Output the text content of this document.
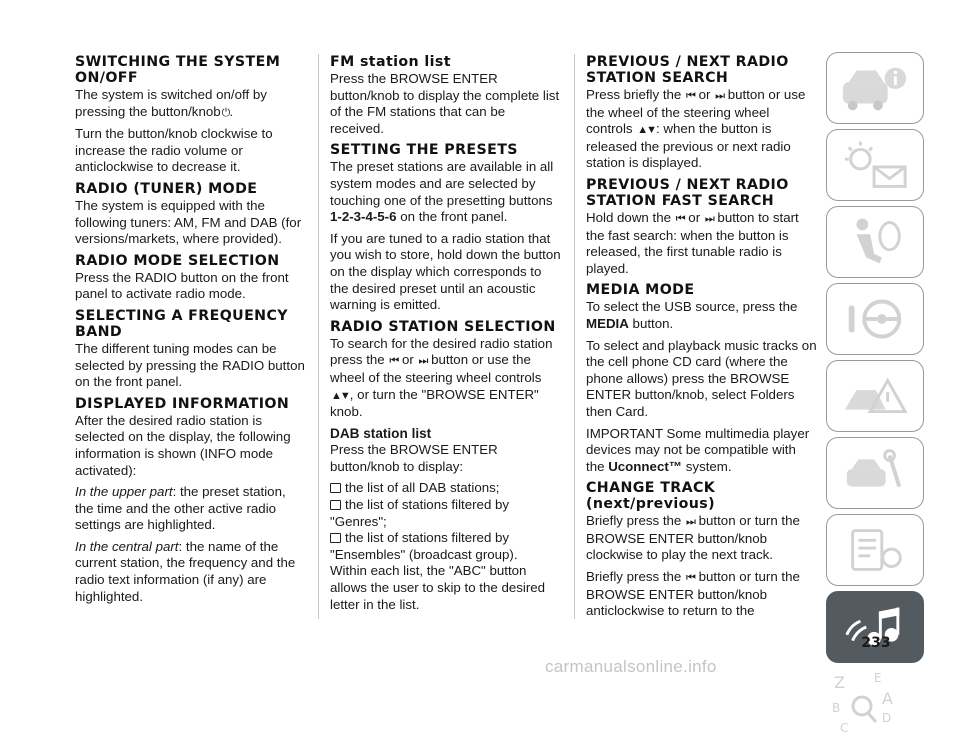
SWITCHING THE SYSTEM ON/OFF

The system is switched on/off by pressing the button/knob⏻.

Turn the button/knob clockwise to increase the radio volume or anticlockwise to decrease it.

RADIO (TUNER) MODE

The system is equipped with the following tuners: AM, FM and DAB (for versions/markets, where provided).

RADIO MODE SELECTION

Press the RADIO button on the front panel to activate radio mode.

SELECTING A FREQUENCY BAND

The different tuning modes can be selected by pressing the RADIO button on the front panel.

DISPLAYED INFORMATION

After the desired radio station is selected on the display, the following information is shown (INFO mode activated):

In the upper part: the preset station, the time and the other active radio settings are highlighted.

In the central part: the name of the current station, the frequency and the radio text information (if any) are highlighted.

FM station list

Press the BROWSE ENTER button/knob to display the complete list of the FM stations that can be received.

SETTING THE PRESETS

The preset stations are available in all system modes and are selected by touching one of the presetting buttons 1-2-3-4-5-6 on the front panel.

If you are tuned to a radio station that you wish to store, hold down the button on the display which corresponds to the desired preset until an acoustic warning is emitted.

RADIO STATION SELECTION

To search for the desired radio station press the ⏮ or ⏭ button or use the wheel of the steering wheel controls ▲▼, or turn the "BROWSE ENTER" knob.

DAB station list

Press the BROWSE ENTER button/knob to display:

the list of all DAB stations;
the list of stations filtered by "Genres";
the list of stations filtered by "Ensembles" (broadcast group).

Within each list, the "ABC" button allows the user to skip to the desired letter in the list.

PREVIOUS / NEXT RADIO STATION SEARCH

Press briefly the ⏮ or ⏭ button or use the wheel of the steering wheel controls ▲▼: when the button is released the previous or next radio station is displayed.

PREVIOUS / NEXT RADIO STATION FAST SEARCH

Hold down the ⏮ or ⏭ button to start the fast search: when the button is released, the first tunable radio is played.

MEDIA MODE

To select the USB source, press the MEDIA button.

To select and playback music tracks on the cell phone CD card (where the phone allows) press the BROWSE ENTER button/knob, select Folders then Card.

IMPORTANT Some multimedia player devices may not be compatible with the Uconnect™ system.

CHANGE TRACK (next/previous)

Briefly press the ⏭ button or turn the BROWSE ENTER button/knob clockwise to play the next track.

Briefly press the ⏮ button or turn the BROWSE ENTER button/knob anticlockwise to return to the

Z E
A
B
C
D
233
carmanualsonline.info
